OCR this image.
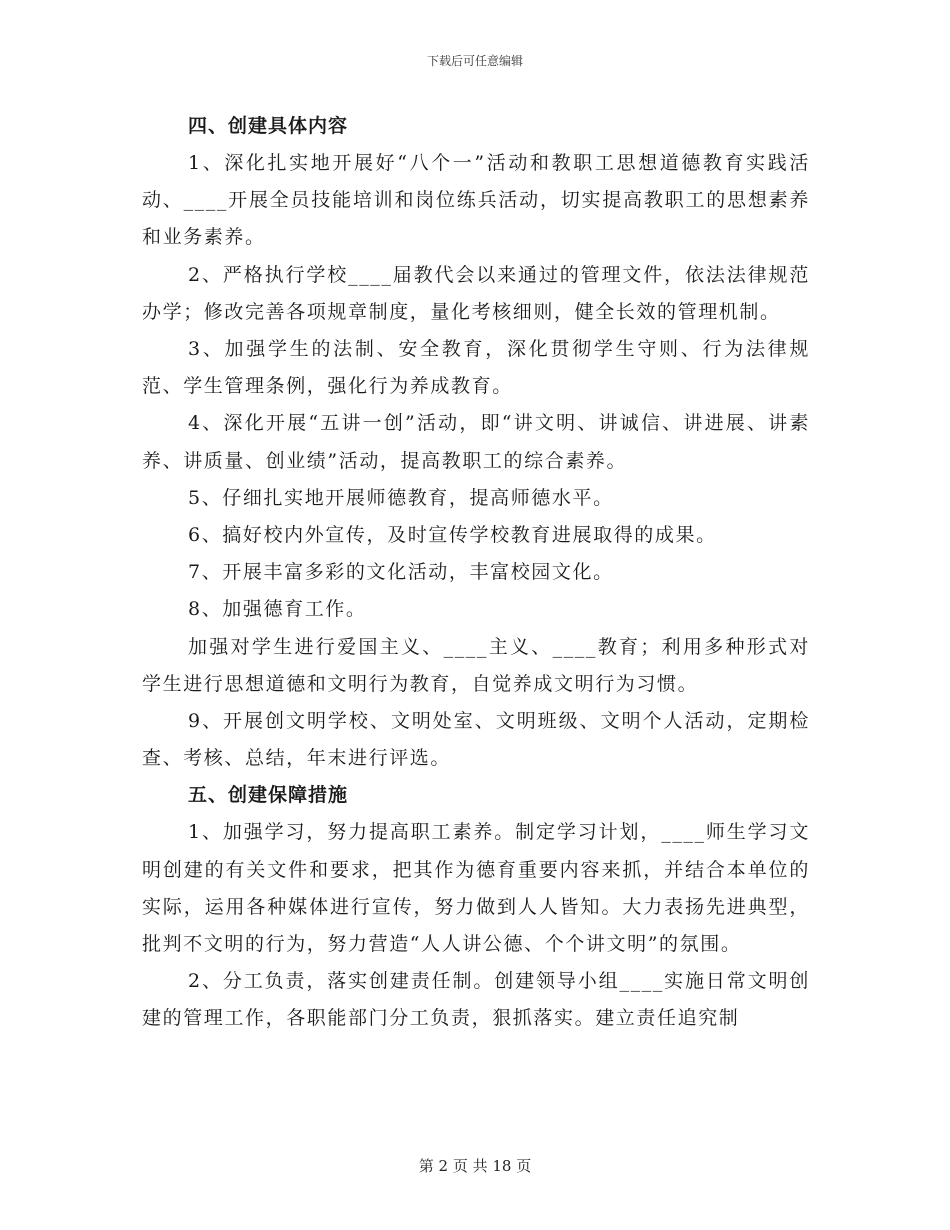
下载后可任意编辑
四、创建具体内容

1、深化扎实地开展好“八个一”活动和教职工思想道德教育实践活动、____开展全员技能培训和岗位练兵活动，切实提高教职工的思想素养和业务素养。

2、严格执行学校____届教代会以来通过的管理文件，依法法律规范办学；修改完善各项规章制度，量化考核细则，健全长效的管理机制。

3、加强学生的法制、安全教育，深化贯彻学生守则、行为法律规范、学生管理条例，强化行为养成教育。

4、深化开展“五讲一创”活动，即“讲文明、讲诚信、讲进展、讲素养、讲质量、创业绩”活动，提高教职工的综合素养。

5、仔细扎实地开展师德教育，提高师德水平。

6、搞好校内外宣传，及时宣传学校教育进展取得的成果。

7、开展丰富多彩的文化活动，丰富校园文化。

8、加强德育工作。

加强对学生进行爱国主义、____主义、____教育；利用多种形式对学生进行思想道德和文明行为教育，自觉养成文明行为习惯。

9、开展创文明学校、文明处室、文明班级、文明个人活动，定期检查、考核、总结，年末进行评选。

五、创建保障措施

1、加强学习，努力提高职工素养。制定学习计划，____师生学习文明创建的有关文件和要求，把其作为德育重要内容来抓，并结合本单位的实际，运用各种媒体进行宣传，努力做到人人皆知。大力表扬先进典型，批判不文明的行为，努力营造“人人讲公德、个个讲文明”的氛围。

2、分工负责，落实创建责任制。创建领导小组____实施日常文明创建的管理工作，各职能部门分工负责，狠抓落实。建立责任追究制

第 2 页 共 18 页
